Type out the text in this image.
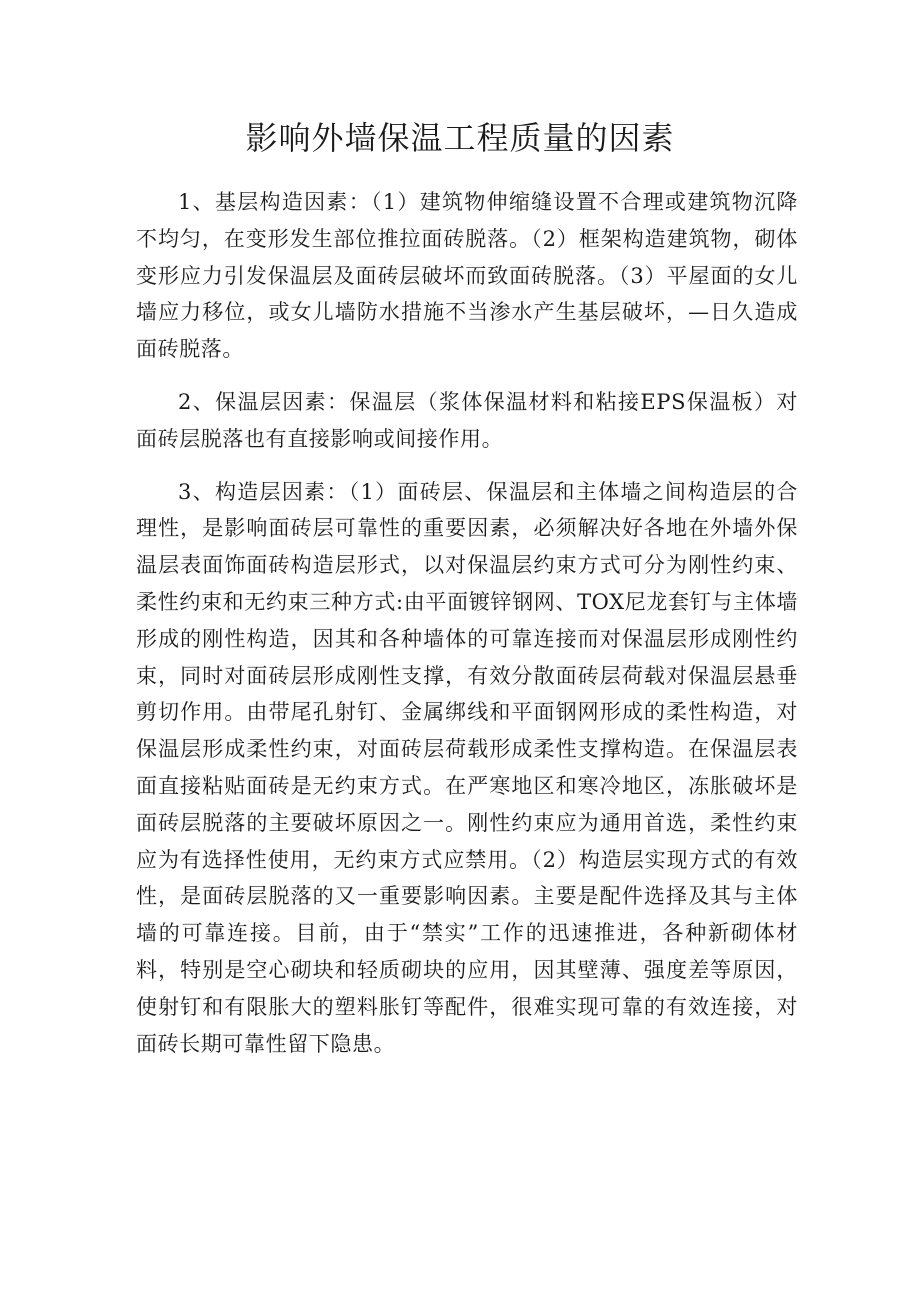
影响外墙保温工程质量的因素

1、基层构造因素：（1）建筑物伸缩缝设置不合理或建筑物沉降不均匀，在变形发生部位推拉面砖脱落。（2）框架构造建筑物，砌体变形应力引发保温层及面砖层破坏而致面砖脱落。（3）平屋面的女儿墙应力移位，或女儿墙防水措施不当渗水产生基层破坏，—日久造成面砖脱落。

2、保温层因素：保温层（浆体保温材料和粘接EPS保温板）对面砖层脱落也有直接影响或间接作用。

3、构造层因素：（1）面砖层、保温层和主体墙之间构造层的合理性，是影响面砖层可靠性的重要因素，必须解决好各地在外墙外保温层表面饰面砖构造层形式，以对保温层约束方式可分为刚性约束、柔性约束和无约束三种方式:由平面镀锌钢网、TOX尼龙套钉与主体墙形成的刚性构造，因其和各种墙体的可靠连接而对保温层形成刚性约束，同时对面砖层形成刚性支撑，有效分散面砖层荷载对保温层悬垂剪切作用。由带尾孔射钉、金属绑线和平面钢网形成的柔性构造，对保温层形成柔性约束，对面砖层荷载形成柔性支撑构造。在保温层表面直接粘贴面砖是无约束方式。在严寒地区和寒冷地区，冻胀破坏是面砖层脱落的主要破坏原因之一。刚性约束应为通用首选，柔性约束应为有选择性使用，无约束方式应禁用。（2）构造层实现方式的有效性，是面砖层脱落的又一重要影响因素。主要是配件选择及其与主体墙的可靠连接。目前，由于“禁实”工作的迅速推进，各种新砌体材料，特别是空心砌块和轻质砌块的应用，因其壁薄、强度差等原因，使射钉和有限胀大的塑料胀钉等配件，很难实现可靠的有效连接，对面砖长期可靠性留下隐患。
